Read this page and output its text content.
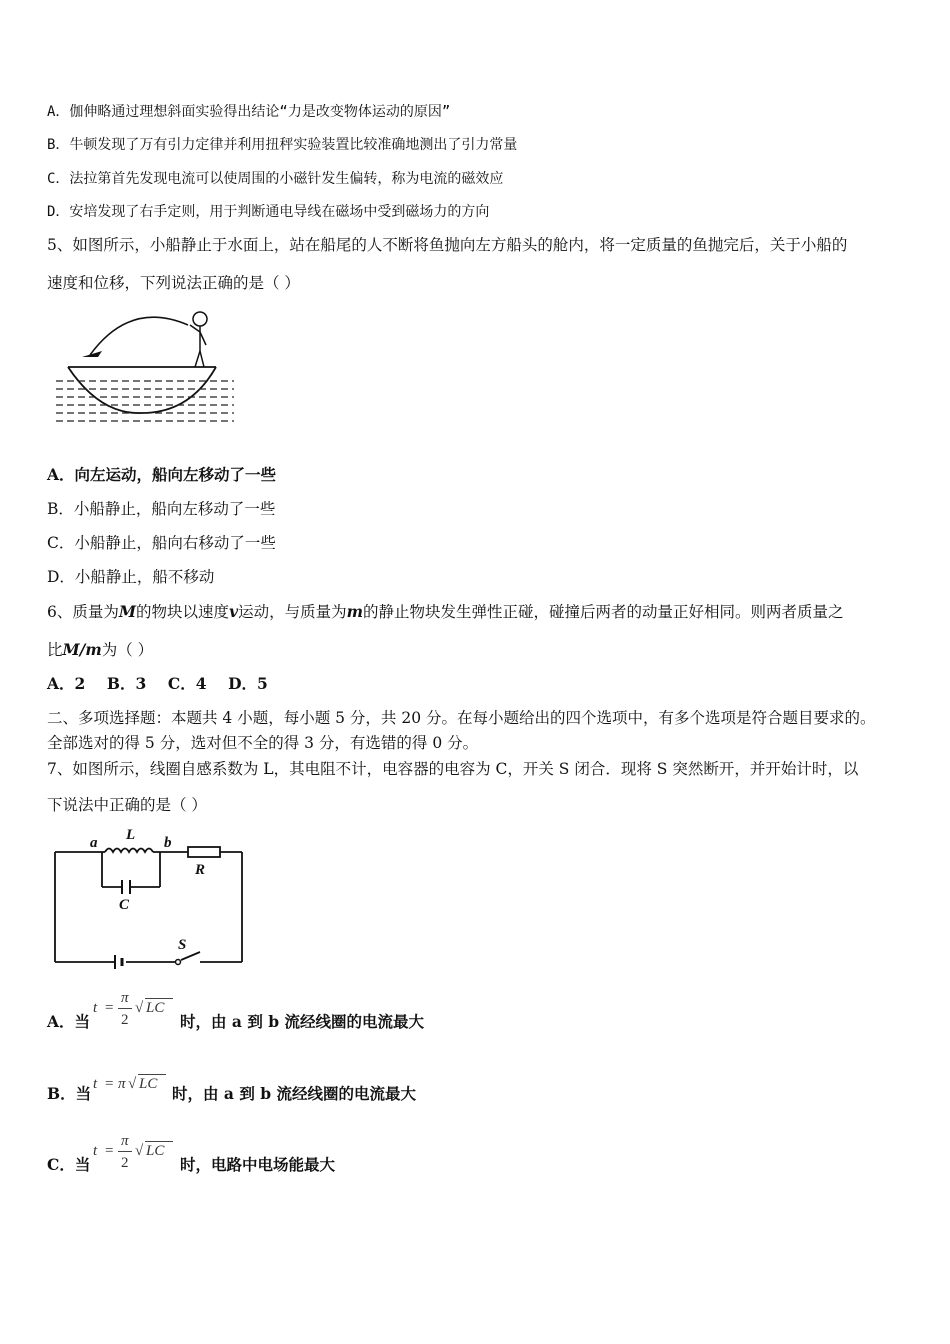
A．伽伸略通过理想斜面实验得出结论“力是改变物体运动的原因”
B．牛顿发现了万有引力定律并利用扭秤实验装置比较准确地测出了引力常量
C．法拉第首先发现电流可以使周围的小磁针发生偏转，称为电流的磁效应
D．安培发现了右手定则，用于判断通电导线在磁场中受到磁场力的方向
5、如图所示，小船静止于水面上，站在船尾的人不断将鱼抛向左方船头的舱内，将一定质量的鱼抛完后，关于小船的
速度和位移，下列说法正确的是（ ）
A．向左运动，船向左移动了一些
B．小船静止，船向左移动了一些
C．小船静止，船向右移动了一些
D．小船静止，船不移动
6、质量为M的物块以速度v运动，与质量为m的静止物块发生弹性正碰，碰撞后两者的动量正好相同。则两者质量之
比M/m为（ ）
A．2    B．3    C．4    D．5
二、多项选择题：本题共 4 小题，每小题 5 分，共 20 分。在每小题给出的四个选项中，有多个选项是符合题目要求的。
全部选对的得 5 分，选对但不全的得 3 分，有选错的得 0 分。
7、如图所示，线圈自感系数为 L，其电阻不计，电容器的电容为 C，开关 S 闭合．现将 S 突然断开，并开始计时，以
下说法中正确的是（ ）
a L b
R
C
S
A．当
t =
π
2
√ LC
时，由 a 到 b 流经线圈的电流最大
B．当 t = π √ LC 时，由 a 到 b 流经线圈的电流最大
C．当
t =
π
2
√ LC
时，电路中电场能最大
